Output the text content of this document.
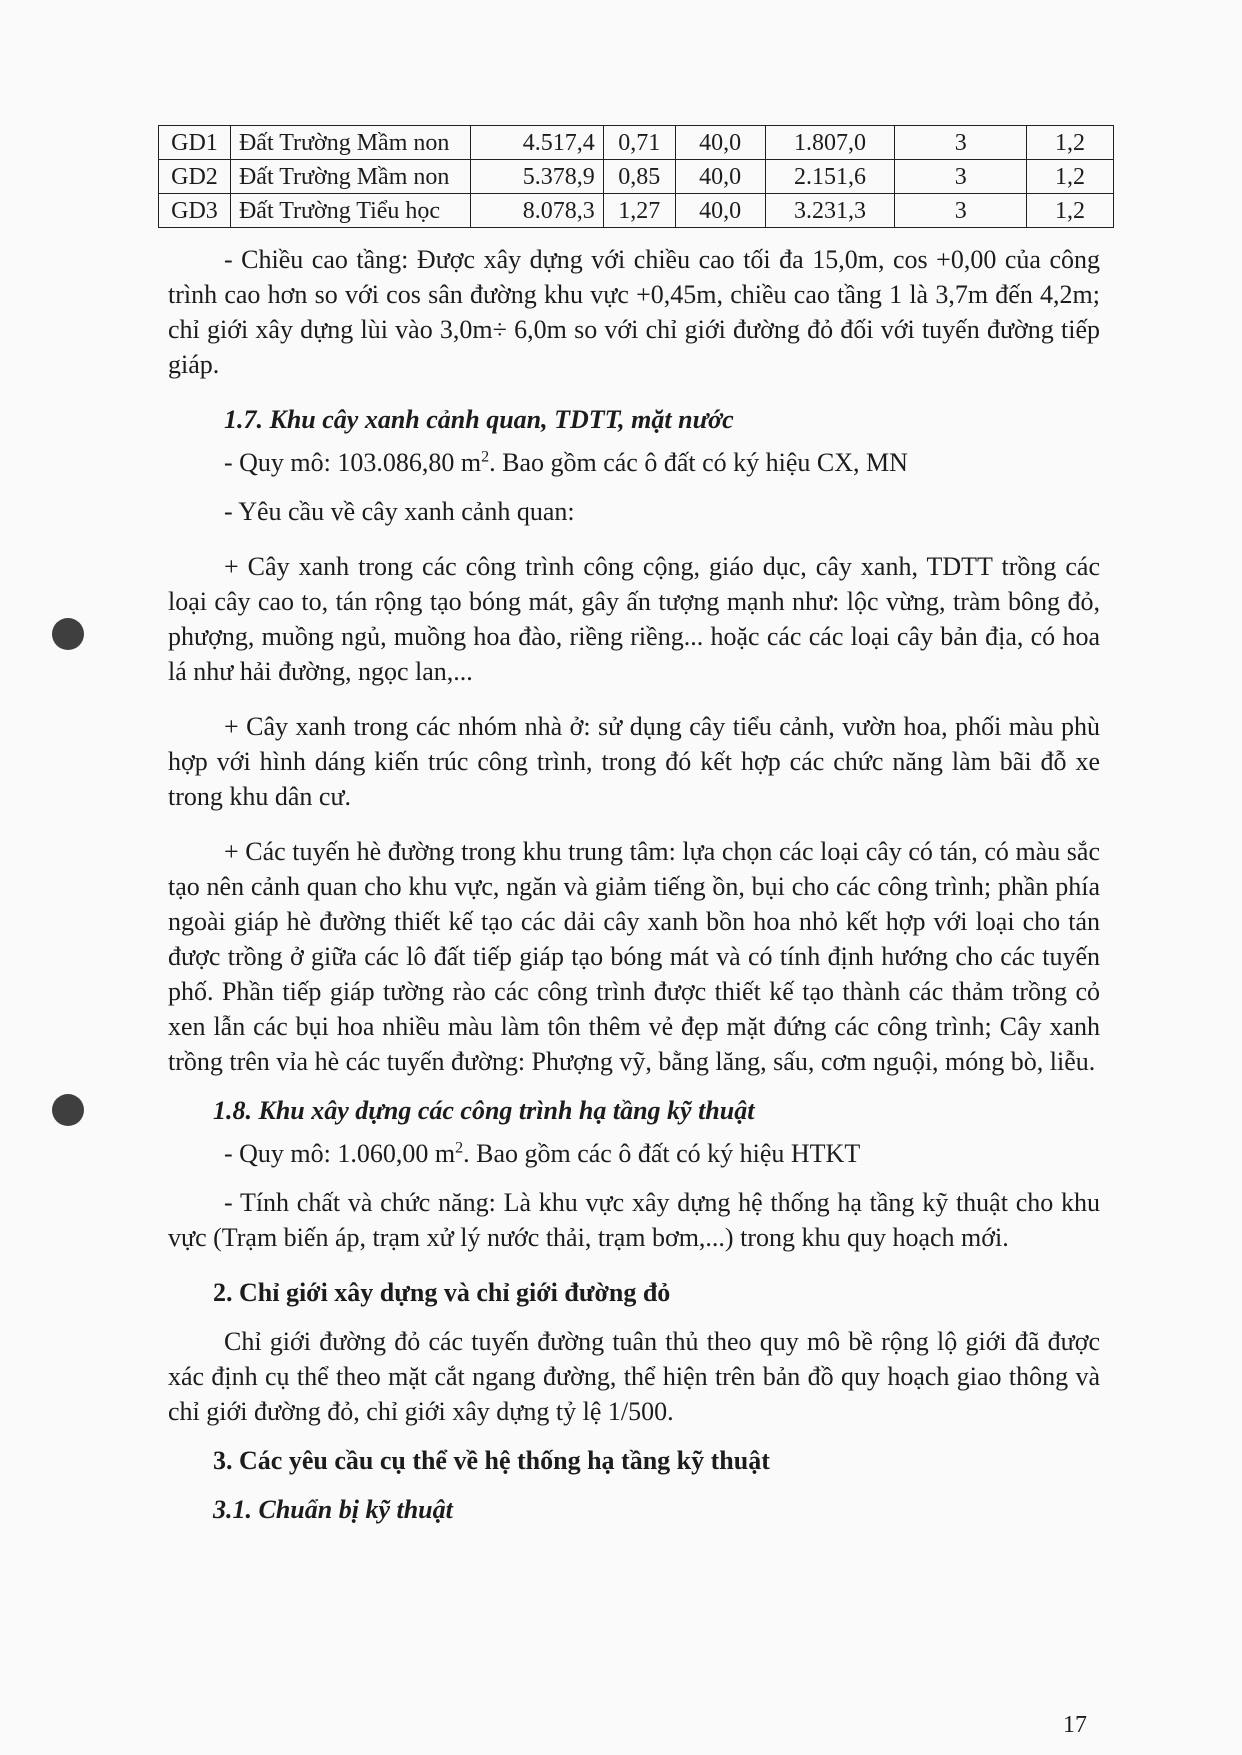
GD1	Đất Trường Mầm non	4.517,4	0,71	40,0	1.807,0	3	1,2
GD2	Đất Trường Mầm non	5.378,9	0,85	40,0	2.151,6	3	1,2
GD3	Đất Trường Tiểu học	8.078,3	1,27	40,0	3.231,3	3	1,2

- Chiều cao tầng: Được xây dựng với chiều cao tối đa 15,0m, cos +0,00 của công trình cao hơn so với cos sân đường khu vực +0,45m, chiều cao tầng 1 là 3,7m đến 4,2m; chỉ giới xây dựng lùi vào 3,0m÷ 6,0m so với chỉ giới đường đỏ đối với tuyến đường tiếp giáp.

1.7. Khu cây xanh cảnh quan, TDTT, mặt nước

- Quy mô: 103.086,80 $m^2$. Bao gồm các ô đất có ký hiệu CX, MN

- Yêu cầu về cây xanh cảnh quan:

+ Cây xanh trong các công trình công cộng, giáo dục, cây xanh, TDTT trồng các loại cây cao to, tán rộng tạo bóng mát, gây ấn tượng mạnh như: lộc vừng, tràm bông đỏ, phượng, muồng ngủ, muồng hoa đào, riềng riềng... hoặc các các loại cây bản địa, có hoa lá như hải đường, ngọc lan,...

+ Cây xanh trong các nhóm nhà ở: sử dụng cây tiểu cảnh, vườn hoa, phối màu phù hợp với hình dáng kiến trúc công trình, trong đó kết hợp các chức năng làm bãi đỗ xe trong khu dân cư.

+ Các tuyến hè đường trong khu trung tâm: lựa chọn các loại cây có tán, có màu sắc tạo nên cảnh quan cho khu vực, ngăn và giảm tiếng ồn, bụi cho các công trình; phần phía ngoài giáp hè đường thiết kế tạo các dải cây xanh bồn hoa nhỏ kết hợp với loại cho tán được trồng ở giữa các lô đất tiếp giáp tạo bóng mát và có tính định hướng cho các tuyến phố. Phần tiếp giáp tường rào các công trình được thiết kế tạo thành các thảm trồng cỏ xen lẫn các bụi hoa nhiều màu làm tôn thêm vẻ đẹp mặt đứng các công trình; Cây xanh trồng trên vỉa hè các tuyến đường: Phượng vỹ, bằng lăng, sấu, cơm nguội, móng bò, liễu.

1.8. Khu xây dựng các công trình hạ tầng kỹ thuật

- Quy mô: 1.060,00 $m^2$. Bao gồm các ô đất có ký hiệu HTKT

- Tính chất và chức năng: Là khu vực xây dựng hệ thống hạ tầng kỹ thuật cho khu vực (Trạm biến áp, trạm xử lý nước thải, trạm bơm,...) trong khu quy hoạch mới.

2. Chỉ giới xây dựng và chỉ giới đường đỏ

Chỉ giới đường đỏ các tuyến đường tuân thủ theo quy mô bề rộng lộ giới đã được xác định cụ thể theo mặt cắt ngang đường, thể hiện trên bản đồ quy hoạch giao thông và chỉ giới đường đỏ, chỉ giới xây dựng tỷ lệ 1/500.

3. Các yêu cầu cụ thể về hệ thống hạ tầng kỹ thuật

3.1. Chuẩn bị kỹ thuật

17
